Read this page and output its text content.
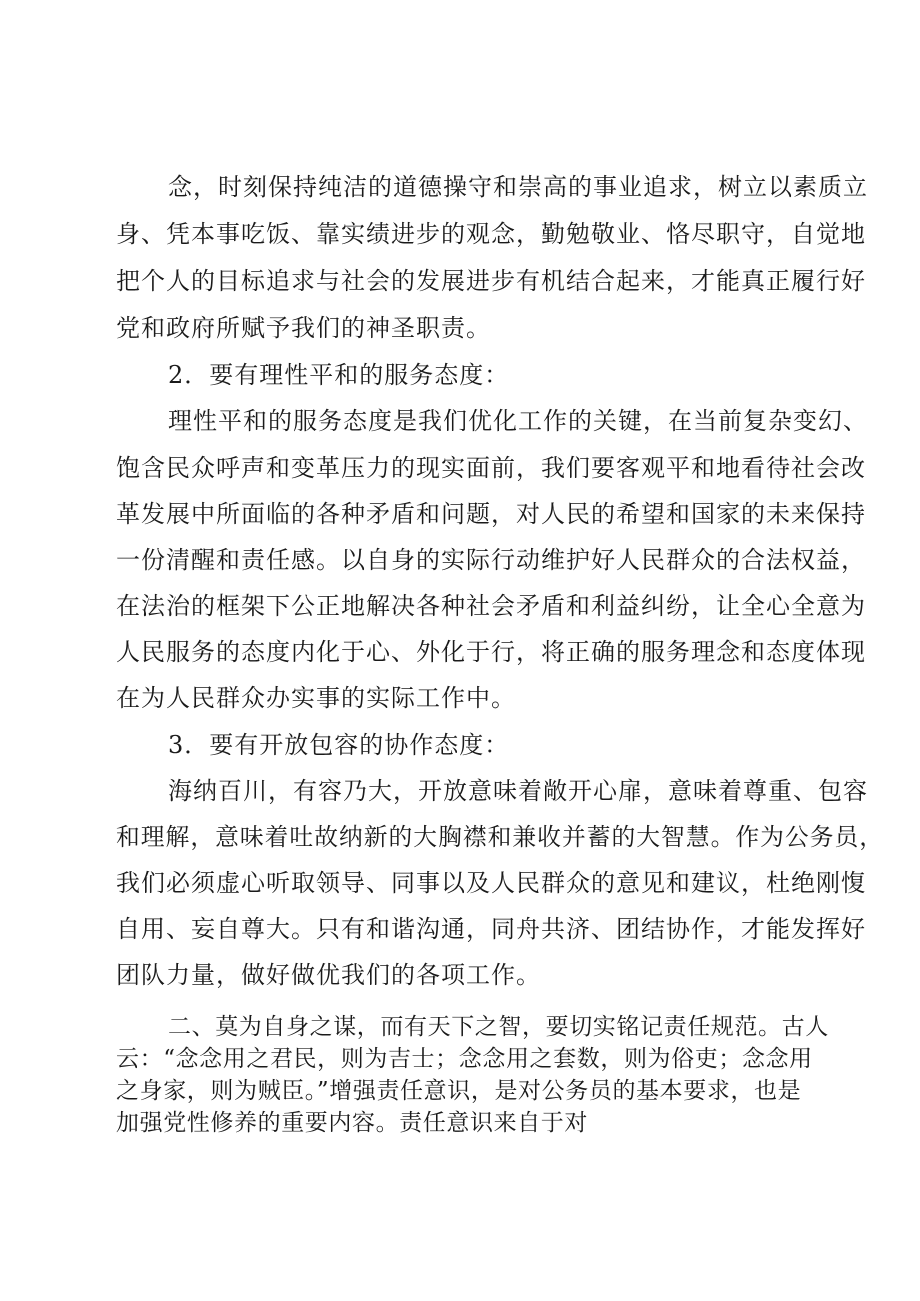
念，时刻保持纯洁的道德操守和崇高的事业追求，树立以素质立

身、凭本事吃饭、靠实绩进步的观念，勤勉敬业、恪尽职守，自觉地

把个人的目标追求与社会的发展进步有机结合起来，才能真正履行好

党和政府所赋予我们的神圣职责。

2．要有理性平和的服务态度：

理性平和的服务态度是我们优化工作的关键，在当前复杂变幻、

饱含民众呼声和变革压力的现实面前，我们要客观平和地看待社会改

革发展中所面临的各种矛盾和问题，对人民的希望和国家的未来保持

一份清醒和责任感。以自身的实际行动维护好人民群众的合法权益，

在法治的框架下公正地解决各种社会矛盾和利益纠纷，让全心全意为

人民服务的态度内化于心、外化于行，将正确的服务理念和态度体现

在为人民群众办实事的实际工作中。

3．要有开放包容的协作态度：

海纳百川，有容乃大，开放意味着敞开心扉，意味着尊重、包容

和理解，意味着吐故纳新的大胸襟和兼收并蓄的大智慧。作为公务员，

我们必须虚心听取领导、同事以及人民群众的意见和建议，杜绝刚愎

自用、妄自尊大。只有和谐沟通，同舟共济、团结协作，才能发挥好

团队力量，做好做优我们的各项工作。

二、莫为自身之谋，而有天下之智，要切实铭记责任规范。古人

云：“念念用之君民，则为吉士；念念用之套数，则为俗吏；念念用

之身家，则为贼臣。”增强责任意识，是对公务员的基本要求，也是

加强党性修养的重要内容。责任意识来自于对
